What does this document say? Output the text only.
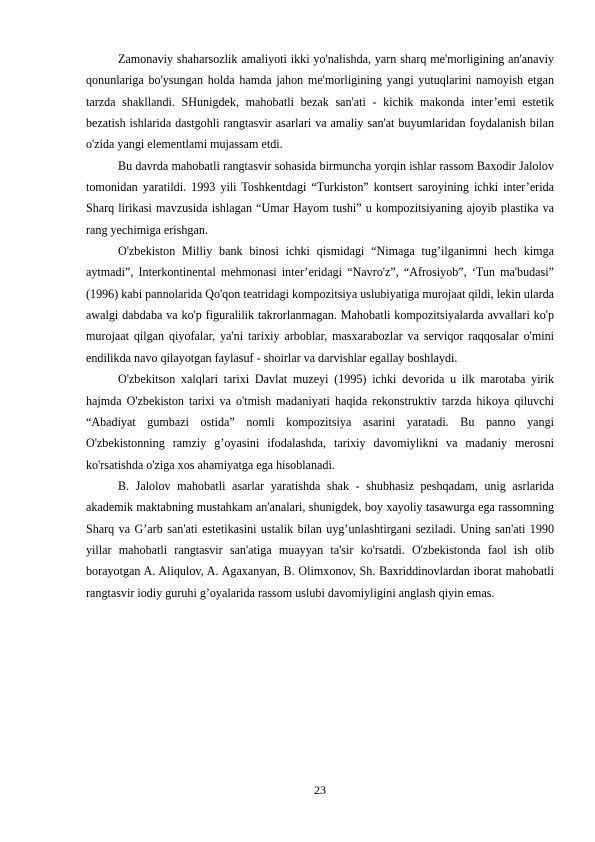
Zamonaviy shaharsozlik amaliyoti ikki yo'nalishda, yarn sharq me'morligining an'anaviy qonunlariga bo'ysungan holda hamda jahon me'morligining yangi yutuqlarini namoyish etgan tarzda shakllandi. SHunigdek, mahobatli bezak san'ati - kichik makonda inter’emi estetik bezatish ishlarida dastgohli rangtasvir asarlari va amaliy san'at buyumlaridan foydalanish bilan o'zida yangi elementlami mujassam etdi.

Bu davrda mahobatli rangtasvir sohasida birmuncha yorqin ishlar rassom Baxodir Jalolov tomonidan yaratildi. 1993 yili Toshkentdagi “Turkiston” kontsert saroyining ichki inter’erida Sharq lirikasi mavzusida ishlagan “Umar Hayom tushi” u kompozitsiyaning ajoyib plastika va rang yechimiga erishgan.

O'zbekiston Milliy bank binosi ichki qismidagi “Nimaga tug’ilganimni hech kimga aytmadi”, Interkontinental mehmonasi inter’eridagi “Navro'z”, “Afrosiyob”, ‘Tun ma'budasi” (1996) kabi pannolarida Qo'qon teatridagi kompozitsiya uslubiyatiga murojaat qildi, lekin ularda awalgi dabdaba va ko'p figuralilik takrorlanmagan. Mahobatli kompozitsiyalarda avvallari ko'p murojaat qilgan qiyofalar, ya'ni tarixiy arboblar, masxarabozlar va serviqor raqqosalar o'mini endilikda navo qilayotgan faylasuf - shoirlar va darvishlar egallay boshlaydi.

O'zbekitson xalqlari tarixi Davlat muzeyi (1995) ichki devorida u ilk marotaba yirik hajmda O'zbekiston tarixi va o'tmish madaniyati haqida rekonstruktiv tarzda hikoya qiluvchi “Abadiyat gumbazi ostida” nomli kompozitsiya asarini yaratadi. Bu panno yangi O'zbekistonning ramziy g’oyasini ifodalashda, tarixiy davomiylikni va madaniy merosni ko'rsatishda o'ziga xos ahamiyatga ega hisoblanadi.

B. Jalolov mahobatli asarlar yaratishda shak - shubhasiz peshqadam, unig asrlarida akademik maktabning mustahkam an'analari, shunigdek, boy xayoliy tasawurga ega rassomning Sharq va G’arb san'ati estetikasini ustalik bilan uyg’unlashtirgani seziladi. Uning san'ati 1990 yillar mahobatli rangtasvir san'atiga muayyan ta'sir ko'rsatdi. O'zbekistonda faol ish olib borayotgan A. Aliqulov, A. Agaxanyan, B. Olimxonov, Sh. Baxriddinovlardan iborat mahobatli rangtasvir iodiy guruhi g’oyalarida rassom uslubi davomiyligini anglash qiyin emas.

23
